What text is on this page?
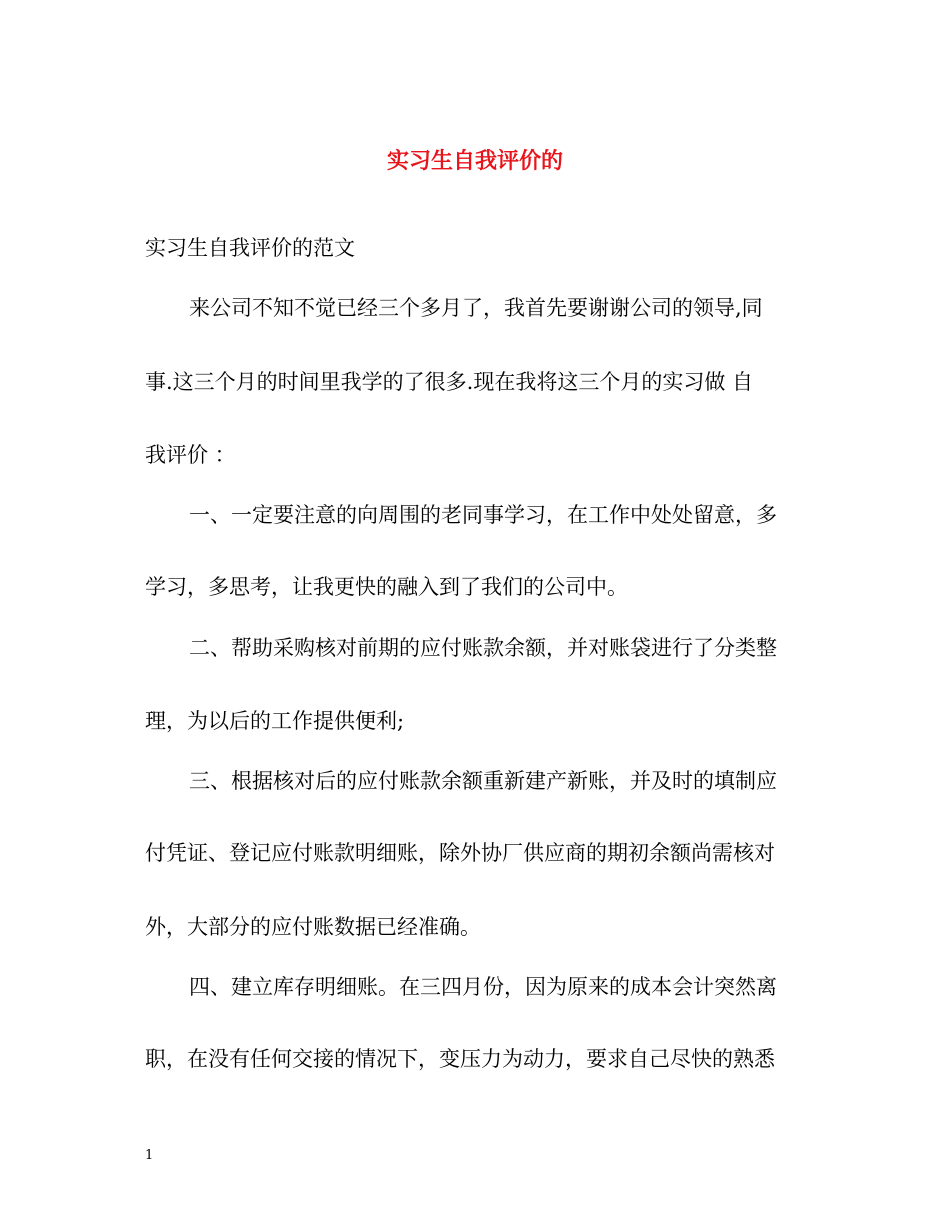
实习生自我评价的
实习生自我评价的范文
来公司不知不觉已经三个多月了，我首先要谢谢公司的领导,同
事.这三个月的时间里我学的了很多.现在我将这三个月的实习做 自
我评价 ：
一、一定要注意的向周围的老同事学习，在工作中处处留意，多
学习，多思考，让我更快的融入到了我们的公司中。
二、帮助采购核对前期的应付账款余额，并对账袋进行了分类整
理，为以后的工作提供便利;
三、根据核对后的应付账款余额重新建产新账，并及时的填制应
付凭证、登记应付账款明细账，除外协厂供应商的期初余额尚需核对
外，大部分的应付账数据已经准确。
四、建立库存明细账。在三四月份，因为原来的成本会计突然离
职，在没有任何交接的情况下，变压力为动力，要求自己尽快的熟悉
1
